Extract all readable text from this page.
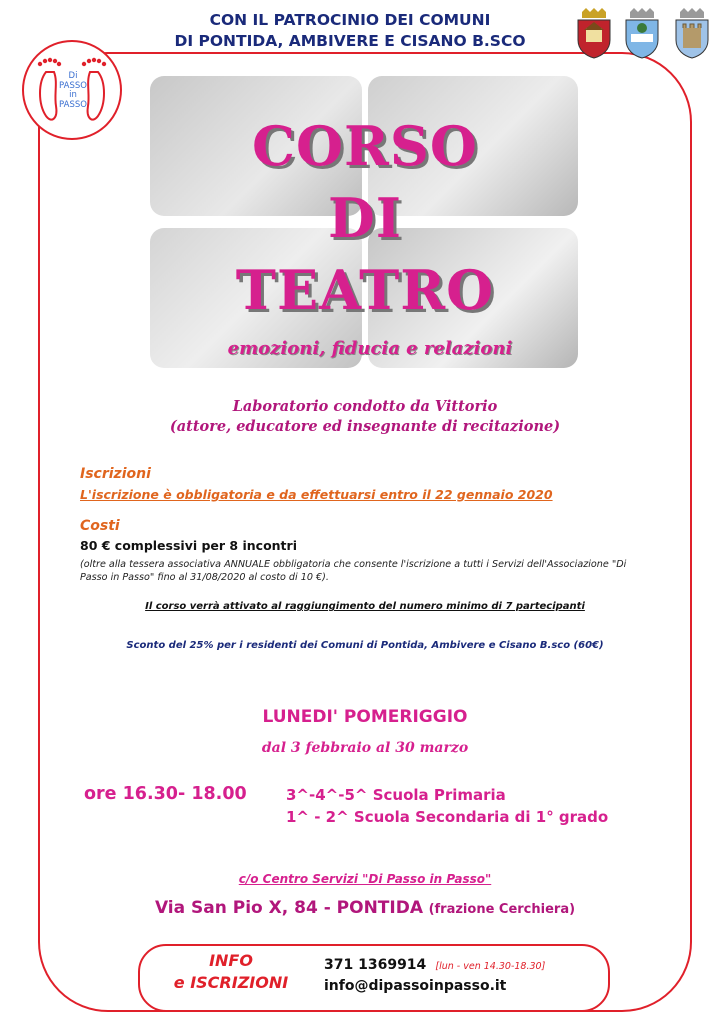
Di
PASSO
in
PASSO
CON IL PATROCINIO DEI COMUNI
DI PONTIDA, AMBIVERE E CISANO B.SCO
CORSO
DI
TEATRO
emozioni, fiducia e relazioni
Laboratorio condotto da Vittorio
(attore, educatore ed insegnante di recitazione)
Iscrizioni
L'iscrizione è obbligatoria e da effettuarsi entro il 22 gennaio 2020
Costi
80 € complessivi per 8 incontri
(oltre alla tessera associativa ANNUALE obbligatoria che consente l'iscrizione a tutti i Servizi dell'Associazione "Di
Passo in Passo" fino al 31/08/2020 al costo di 10 €).
Il corso verrà attivato al raggiungimento del numero minimo di 7 partecipanti
Sconto del 25% per i residenti dei Comuni di Pontida, Ambivere e Cisano B.sco (60€)
LUNEDI' POMERIGGIO
dal 3 febbraio al 30 marzo
ore 16.30- 18.00	3^-4^-5^ Scuola Primaria
1^ - 2^ Scuola Secondaria di 1° grado
c/o Centro Servizi "Di Passo in Passo"
Via San Pio X, 84 - PONTIDA (frazione Cerchiera)
INFO
e ISCRIZIONI
371 1369914 [lun - ven 14.30-18.30]
info@dipassoinpasso.it
